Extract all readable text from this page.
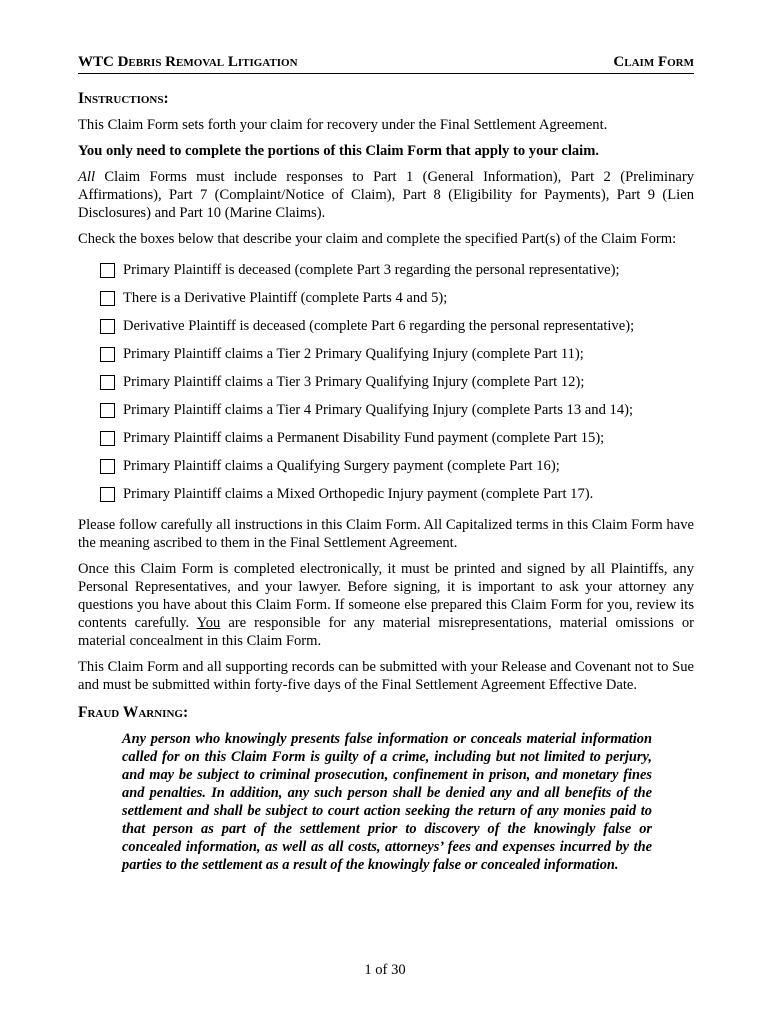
WTC Debris Removal Litigation	Claim Form
Instructions:

This Claim Form sets forth your claim for recovery under the Final Settlement Agreement.

You only need to complete the portions of this Claim Form that apply to your claim.

All Claim Forms must include responses to Part 1 (General Information), Part 2 (Preliminary Affirmations), Part 7 (Complaint/Notice of Claim), Part 8 (Eligibility for Payments), Part 9 (Lien Disclosures) and Part 10 (Marine Claims).

Check the boxes below that describe your claim and complete the specified Part(s) of the Claim Form:

Primary Plaintiff is deceased (complete Part 3 regarding the personal representative);
There is a Derivative Plaintiff (complete Parts 4 and 5);
Derivative Plaintiff is deceased (complete Part 6 regarding the personal representative);
Primary Plaintiff claims a Tier 2 Primary Qualifying Injury (complete Part 11);
Primary Plaintiff claims a Tier 3 Primary Qualifying Injury (complete Part 12);
Primary Plaintiff claims a Tier 4 Primary Qualifying Injury (complete Parts 13 and 14);
Primary Plaintiff claims a Permanent Disability Fund payment (complete Part 15);
Primary Plaintiff claims a Qualifying Surgery payment (complete Part 16);
Primary Plaintiff claims a Mixed Orthopedic Injury payment (complete Part 17).

Please follow carefully all instructions in this Claim Form. All Capitalized terms in this Claim Form have the meaning ascribed to them in the Final Settlement Agreement.

Once this Claim Form is completed electronically, it must be printed and signed by all Plaintiffs, any Personal Representatives, and your lawyer. Before signing, it is important to ask your attorney any questions you have about this Claim Form. If someone else prepared this Claim Form for you, review its contents carefully. You are responsible for any material misrepresentations, material omissions or material concealment in this Claim Form.

This Claim Form and all supporting records can be submitted with your Release and Covenant not to Sue and must be submitted within forty-five days of the Final Settlement Agreement Effective Date.

Fraud Warning:
Any person who knowingly presents false information or conceals material information called for on this Claim Form is guilty of a crime, including but not limited to perjury, and may be subject to criminal prosecution, confinement in prison, and monetary fines and penalties. In addition, any such person shall be denied any and all benefits of the settlement and shall be subject to court action seeking the return of any monies paid to that person as part of the settlement prior to discovery of the knowingly false or concealed information, as well as all costs, attorneys’ fees and expenses incurred by the parties to the settlement as a result of the knowingly false or concealed information.
1 of 30
